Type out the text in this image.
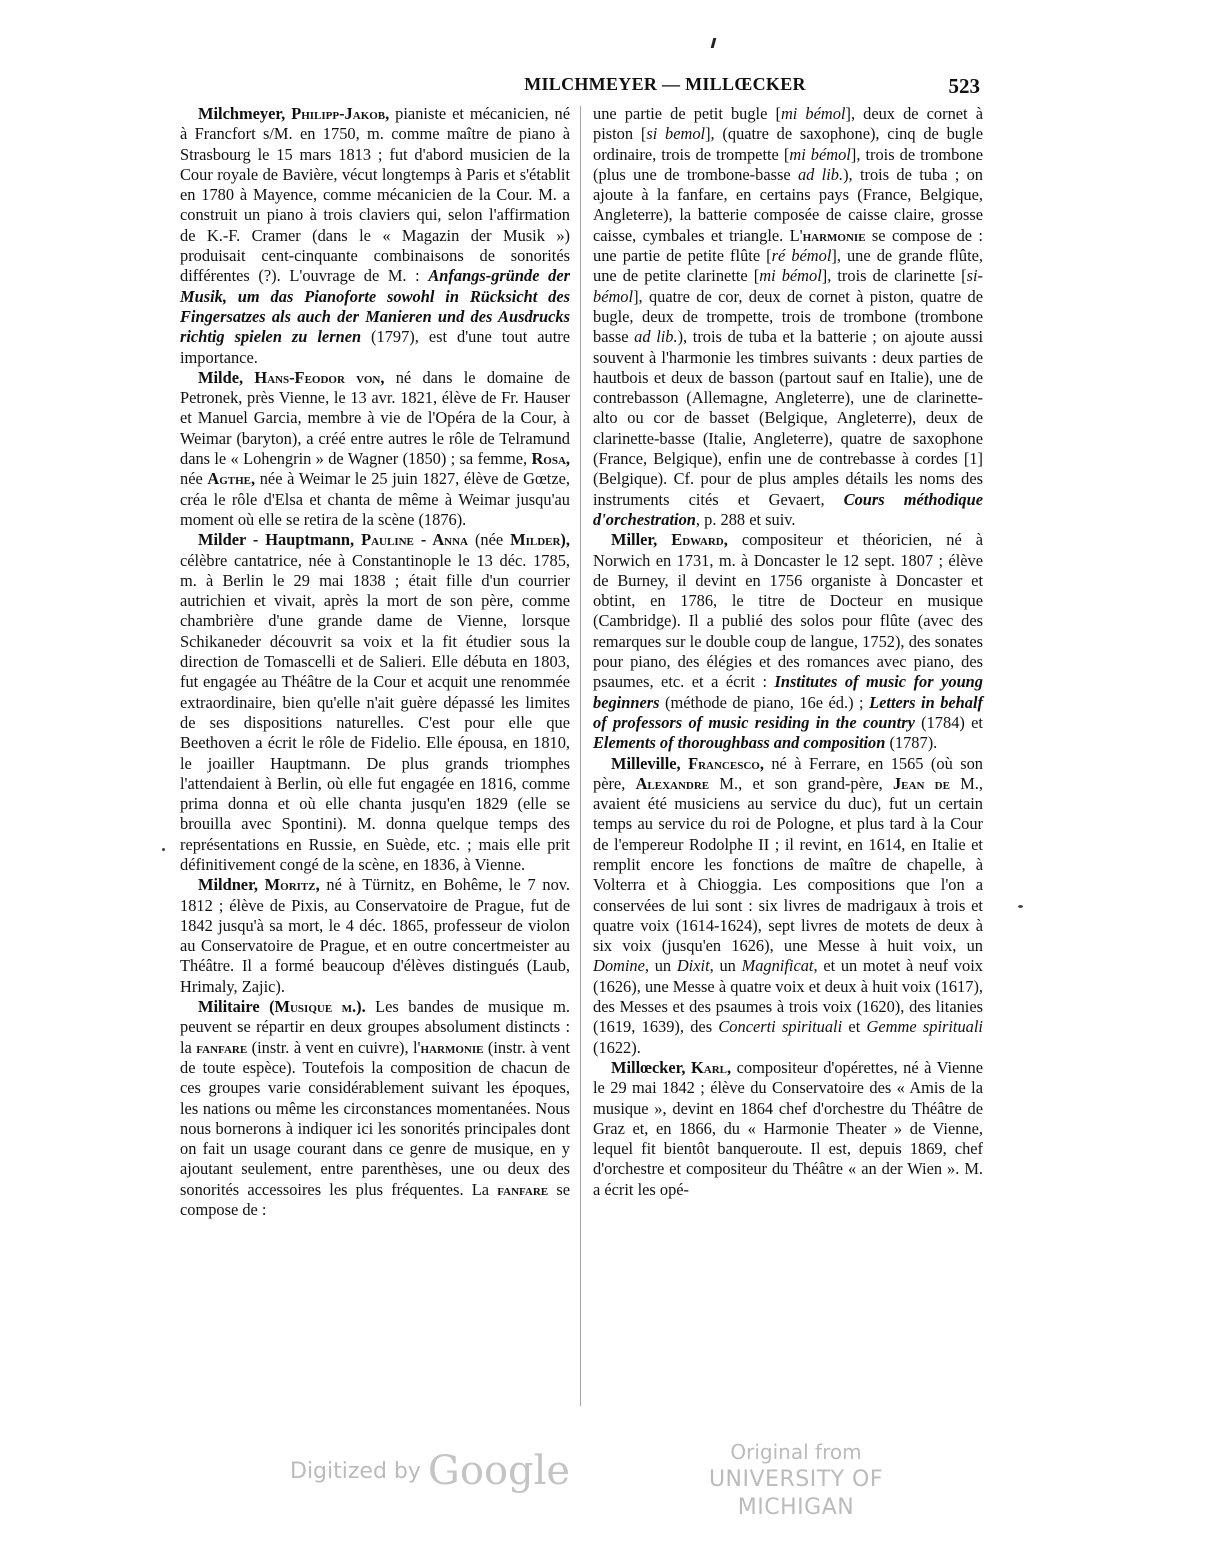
MILCHMEYER — MILLŒCKER	523

Milchmeyer, Philipp-Jakob, pianiste et mécanicien, né à Francfort s/M. en 1750, m. comme maître de piano à Strasbourg le 15 mars 1813 ; fut d'abord musicien de la Cour royale de Bavière, vécut longtemps à Paris et s'établit en 1780 à Mayence, comme mécanicien de la Cour. M. a construit un piano à trois claviers qui, selon l'affirmation de K.-F. Cramer (dans le « Magazin der Musik ») produisait cent-cinquante combinaisons de sonorités différentes (?). L'ouvrage de M. : Anfangs-gründe der Musik, um das Pianoforte sowohl in Rücksicht des Fingersatzes als auch der Manieren und des Ausdrucks richtig spielen zu lernen (1797), est d'une tout autre importance.

Milde, Hans-Feodor von, né dans le domaine de Petronek, près Vienne, le 13 avr. 1821, élève de Fr. Hauser et Manuel Garcia, membre à vie de l'Opéra de la Cour, à Weimar (baryton), a créé entre autres le rôle de Telramund dans le « Lohengrin » de Wagner (1850) ; sa femme, Rosa, née Agthe, née à Weimar le 25 juin 1827, élève de Gœtze, créa le rôle d'Elsa et chanta de même à Weimar jusqu'au moment où elle se retira de la scène (1876).

Milder - Hauptmann, Pauline - Anna (née Milder), célèbre cantatrice, née à Constantinople le 13 déc. 1785, m. à Berlin le 29 mai 1838 ; était fille d'un courrier autrichien et vivait, après la mort de son père, comme chambrière d'une grande dame de Vienne, lorsque Schikaneder découvrit sa voix et la fit étudier sous la direction de Tomascelli et de Salieri. Elle débuta en 1803, fut engagée au Théâtre de la Cour et acquit une renommée extraordinaire, bien qu'elle n'ait guère dépassé les limites de ses dispositions naturelles. C'est pour elle que Beethoven a écrit le rôle de Fidelio. Elle épousa, en 1810, le joailler Hauptmann. De plus grands triomphes l'attendaient à Berlin, où elle fut engagée en 1816, comme prima donna et où elle chanta jusqu'en 1829 (elle se brouilla avec Spontini). M. donna quelque temps des représentations en Russie, en Suède, etc. ; mais elle prit définitivement congé de la scène, en 1836, à Vienne.

Mildner, Moritz, né à Türnitz, en Bohême, le 7 nov. 1812 ; élève de Pixis, au Conservatoire de Prague, fut de 1842 jusqu'à sa mort, le 4 déc. 1865, professeur de violon au Conservatoire de Prague, et en outre concertmeister au Théâtre. Il a formé beaucoup d'élèves distingués (Laub, Hrimaly, Zajic).

Militaire (Musique m.). Les bandes de musique m. peuvent se répartir en deux groupes absolument distincts : la fanfare (instr. à vent en cuivre), l'harmonie (instr. à vent de toute espèce). Toutefois la composition de chacun de ces groupes varie considérablement suivant les époques, les nations ou même les circonstances momentanées. Nous nous bornerons à indiquer ici les sonorités principales dont on fait un usage courant dans ce genre de musique, en y ajoutant seulement, entre parenthèses, une ou deux des sonorités accessoires les plus fréquentes. La fanfare se compose de :

une partie de petit bugle [mi bémol], deux de cornet à piston [si bemol], (quatre de saxophone), cinq de bugle ordinaire, trois de trompette [mi bémol], trois de trombone (plus une de trombone-basse ad lib.), trois de tuba ; on ajoute à la fanfare, en certains pays (France, Belgique, Angleterre), la batterie composée de caisse claire, grosse caisse, cymbales et triangle. L'harmonie se compose de : une partie de petite flûte [ré bémol], une de grande flûte, une de petite clarinette [mi bémol], trois de clarinette [si-bémol], quatre de cor, deux de cornet à piston, quatre de bugle, deux de trompette, trois de trombone (trombone basse ad lib.), trois de tuba et la batterie ; on ajoute aussi souvent à l'harmonie les timbres suivants : deux parties de hautbois et deux de basson (partout sauf en Italie), une de contrebasson (Allemagne, Angleterre), une de clarinette-alto ou cor de basset (Belgique, Angleterre), deux de clarinette-basse (Italie, Angleterre), quatre de saxophone (France, Belgique), enfin une de contrebasse à cordes [1] (Belgique). Cf. pour de plus amples détails les noms des instruments cités et Gevaert, Cours méthodique d'orchestration, p. 288 et suiv.

Miller, Edward, compositeur et théoricien, né à Norwich en 1731, m. à Doncaster le 12 sept. 1807 ; élève de Burney, il devint en 1756 organiste à Doncaster et obtint, en 1786, le titre de Docteur en musique (Cambridge). Il a publié des solos pour flûte (avec des remarques sur le double coup de langue, 1752), des sonates pour piano, des élégies et des romances avec piano, des psaumes, etc. et a écrit : Institutes of music for young beginners (méthode de piano, 16e éd.) ; Letters in behalf of professors of music residing in the country (1784) et Elements of thoroughbass and composition (1787).

Milleville, Francesco, né à Ferrare, en 1565 (où son père, Alexandre M., et son grand-père, Jean de M., avaient été musiciens au service du duc), fut un certain temps au service du roi de Pologne, et plus tard à la Cour de l'empereur Rodolphe II ; il revint, en 1614, en Italie et remplit encore les fonctions de maître de chapelle, à Volterra et à Chioggia. Les compositions que l'on a conservées de lui sont : six livres de madrigaux à trois et quatre voix (1614-1624), sept livres de motets de deux à six voix (jusqu'en 1626), une Messe à huit voix, un Domine, un Dixit, un Magnificat, et un motet à neuf voix (1626), une Messe à quatre voix et deux à huit voix (1617), des Messes et des psaumes à trois voix (1620), des litanies (1619, 1639), des Concerti spirituali et Gemme spirituali (1622).

Millœcker, Karl, compositeur d'opérettes, né à Vienne le 29 mai 1842 ; élève du Conservatoire des « Amis de la musique », devint en 1864 chef d'orchestre du Théâtre de Graz et, en 1866, du « Harmonie Theater » de Vienne, lequel fit bientôt banqueroute. Il est, depuis 1869, chef d'orchestre et compositeur du Théâtre « an der Wien ». M. a écrit les opé-

Digitized by Google	Original from
UNIVERSITY OF MICHIGAN
